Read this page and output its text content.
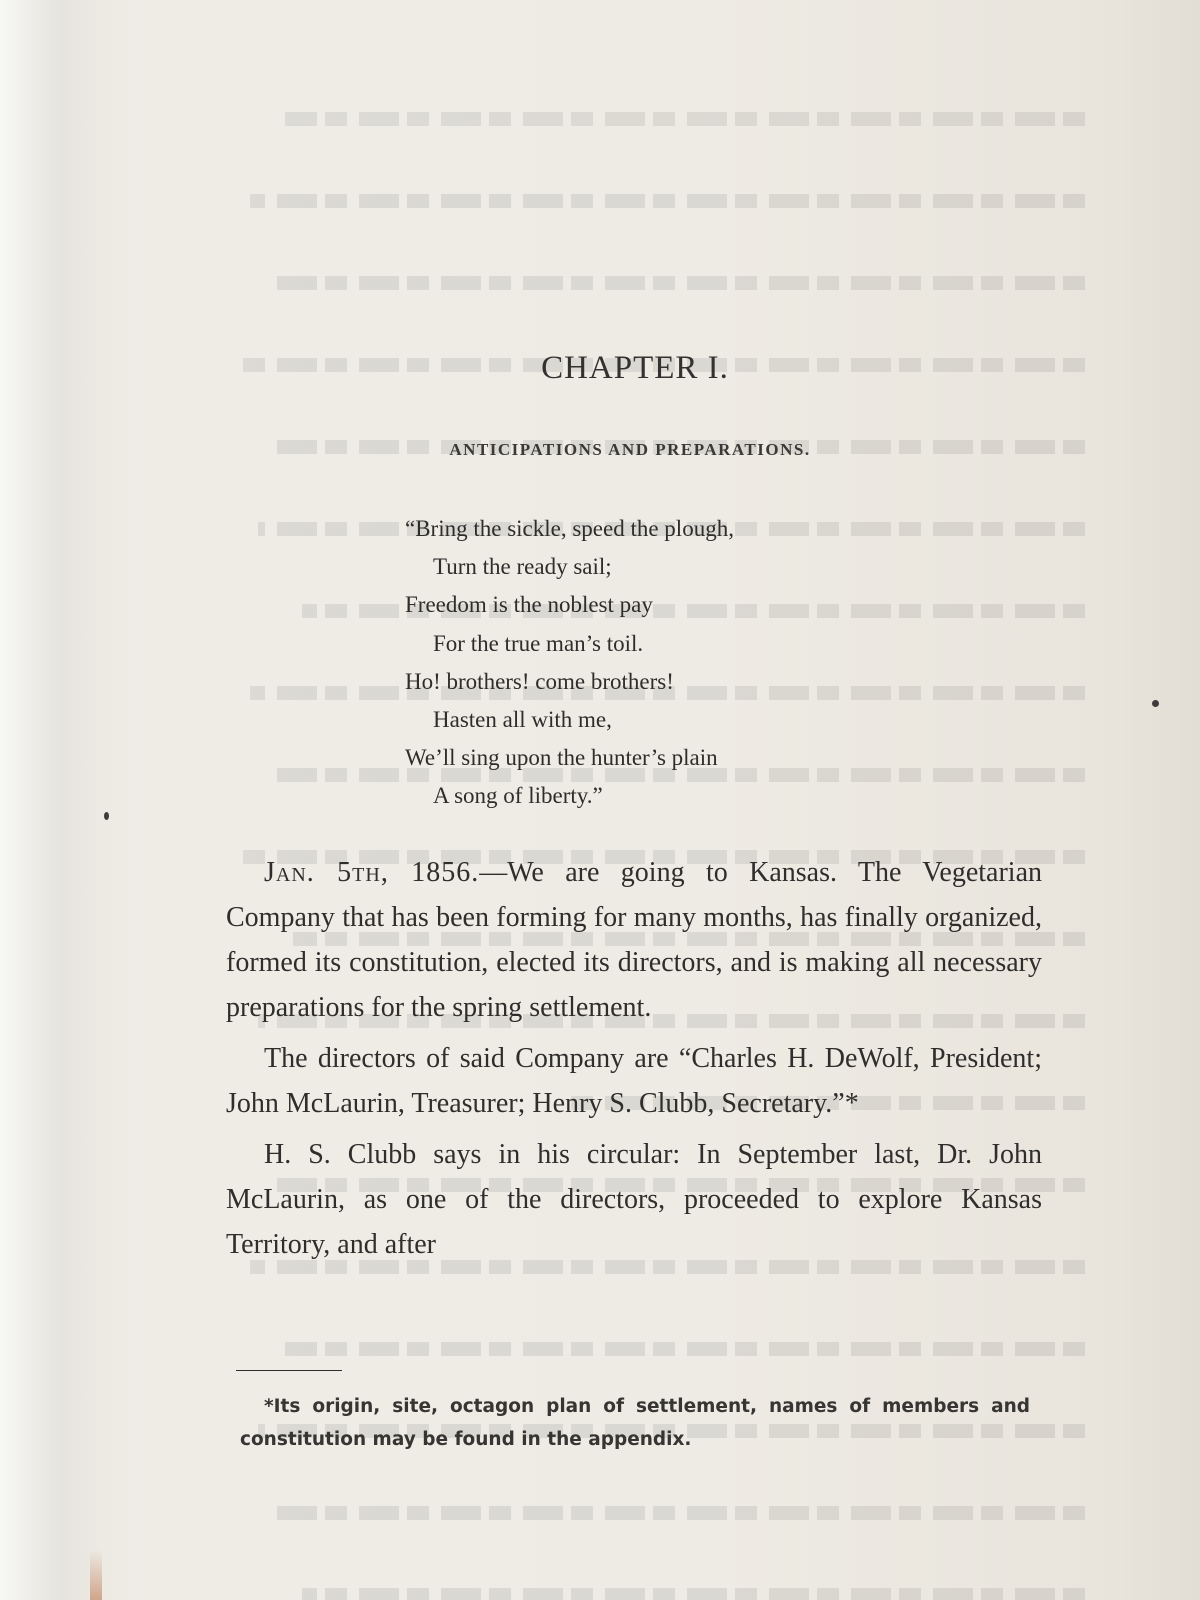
CHAPTER I.
ANTICIPATIONS AND PREPARATIONS.
“Bring the sickle, speed the plough,
Turn the ready sail;
Freedom is the noblest pay
For the true man’s toil.
Ho! brothers! come brothers!
Hasten all with me,
We’ll sing upon the hunter’s plain
A song of liberty.”

Jan. 5th, 1856.—We are going to Kansas. The Vegetarian Company that has been forming for many months, has finally organized, formed its constitution, elected its directors, and is making all necessary preparations for the spring settlement.

The directors of said Company are “Charles H. DeWolf, President; John McLaurin, Treasurer; Henry S. Clubb, Secretary.”*

H. S. Clubb says in his circular: In September last, Dr. John McLaurin, as one of the directors, proceeded to explore Kansas Territory, and after

*Its origin, site, octagon plan of settlement, names of members and constitution may be found in the appendix.
